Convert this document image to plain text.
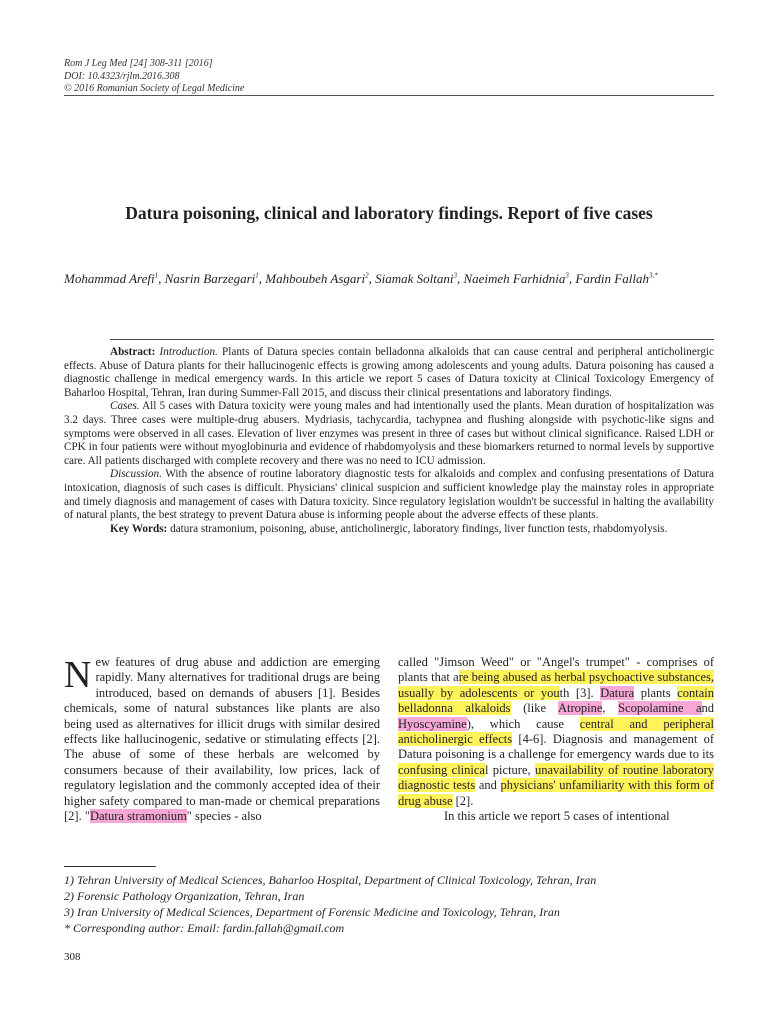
Rom J Leg Med [24] 308-311 [2016]
DOI: 10.4323/rjlm.2016.308
© 2016 Romanian Society of Legal Medicine
Datura poisoning, clinical and laboratory findings. Report of five cases
Mohammad Arefi$^1$, Nasrin Barzegari$^1$, Mahboubeh Asgari$^2$, Siamak Soltani$^3$, Naeimeh Farhidnia$^3$, Fardin Fallah$^{3,*}$

Abstract: Introduction. Plants of Datura species contain belladonna alkaloids that can cause central and peripheral anticholinergic effects. Abuse of Datura plants for their hallucinogenic effects is growing among adolescents and young adults. Datura poisoning has caused a diagnostic challenge in medical emergency wards. In this article we report 5 cases of Datura toxicity at Clinical Toxicology Emergency of Baharloo Hospital, Tehran, Iran during Summer-Fall 2015, and discuss their clinical presentations and laboratory findings.

Cases. All 5 cases with Datura toxicity were young males and had intentionally used the plants. Mean duration of hospitalization was 3.2 days. Three cases were multiple-drug abusers. Mydriasis, tachycardia, tachypnea and flushing alongside with psychotic-like signs and symptoms were observed in all cases. Elevation of liver enzymes was present in three of cases but without clinical significance. Raised LDH or CPK in four patients were without myoglobinuria and evidence of rhabdomyolysis and these biomarkers returned to normal levels by supportive care. All patients discharged with complete recovery and there was no need to ICU admission.

Discussion. With the absence of routine laboratory diagnostic tests for alkaloids and complex and confusing presentations of Datura intoxication, diagnosis of such cases is difficult. Physicians' clinical suspicion and sufficient knowledge play the mainstay roles in appropriate and timely diagnosis and management of cases with Datura toxicity. Since regulatory legislation wouldn't be successful in halting the availability of natural plants, the best strategy to prevent Datura abuse is informing people about the adverse effects of these plants.

Key Words: datura stramonium, poisoning, abuse, anticholinergic, laboratory findings, liver function tests, rhabdomyolysis.

New features of drug abuse and addiction are emerging rapidly. Many alternatives for traditional drugs are being introduced, based on demands of abusers [1]. Besides chemicals, some of natural substances like plants are also being used as alternatives for illicit drugs with similar desired effects like hallucinogenic, sedative or stimulating effects [2]. The abuse of some of these herbals are welcomed by consumers because of their availability, low prices, lack of regulatory legislation and the commonly accepted idea of their higher safety compared to man-made or chemical preparations [2]. "Datura stramonium" species - also

called "Jimson Weed" or "Angel's trumpet" - comprises of plants that are being abused as herbal psychoactive substances, usually by adolescents or youth [3]. Datura plants contain belladonna alkaloids (like Atropine, Scopolamine and Hyoscyamine), which cause central and peripheral anticholinergic effects [4-6]. Diagnosis and management of Datura poisoning is a challenge for emergency wards due to its confusing clinical picture, unavailability of routine laboratory diagnostic tests and physicians' unfamiliarity with this form of drug abuse [2].

In this article we report 5 cases of intentional

1) Tehran University of Medical Sciences, Baharloo Hospital, Department of Clinical Toxicology, Tehran, Iran
2) Forensic Pathology Organization, Tehran, Iran
3) Iran University of Medical Sciences, Department of Forensic Medicine and Toxicology, Tehran, Iran
* Corresponding author: Email: fardin.fallah@gmail.com
308
